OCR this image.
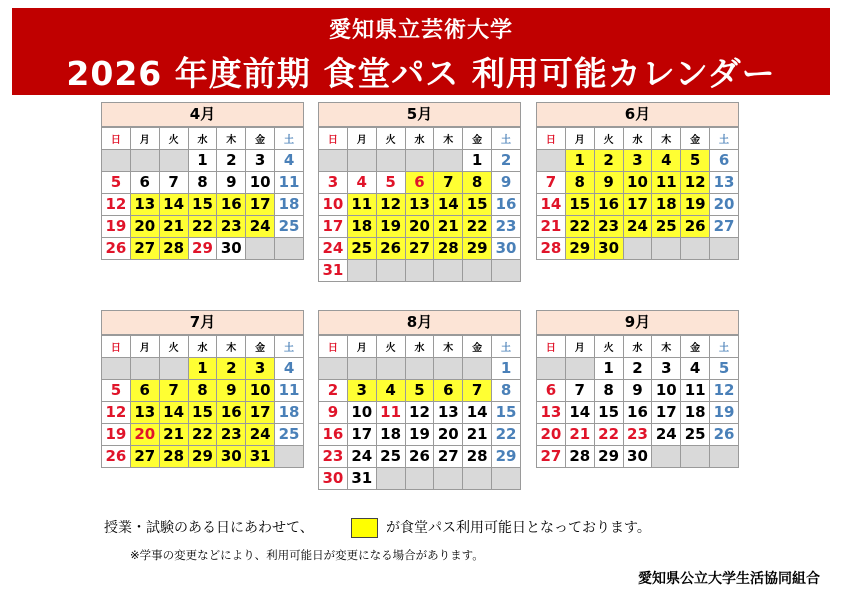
愛知県立芸術大学
2026 年度前期 食堂パス 利用可能カレンダー
4月
日	月	火	水	木	金	土
			1	2	3	4
5	6	7	8	9	10	11
12	13	14	15	16	17	18
19	20	21	22	23	24	25
26	27	28	29	30		
5月
日	月	火	水	木	金	土
					1	2
3	4	5	6	7	8	9
10	11	12	13	14	15	16
17	18	19	20	21	22	23
24	25	26	27	28	29	30
31						
6月
日	月	火	水	木	金	土
	1	2	3	4	5	6
7	8	9	10	11	12	13
14	15	16	17	18	19	20
21	22	23	24	25	26	27
28	29	30				
7月
日	月	火	水	木	金	土
			1	2	3	4
5	6	7	8	9	10	11
12	13	14	15	16	17	18
19	20	21	22	23	24	25
26	27	28	29	30	31	
8月
日	月	火	水	木	金	土
						1
2	3	4	5	6	7	8
9	10	11	12	13	14	15
16	17	18	19	20	21	22
23	24	25	26	27	28	29
30	31					
9月
日	月	火	水	木	金	土
		1	2	3	4	5
6	7	8	9	10	11	12
13	14	15	16	17	18	19
20	21	22	23	24	25	26
27	28	29	30			
授業・試験のある日にあわせて、	が食堂パス利用可能日となっております。
※学事の変更などにより、利用可能日が変更になる場合があります。
愛知県公立大学生活協同組合
